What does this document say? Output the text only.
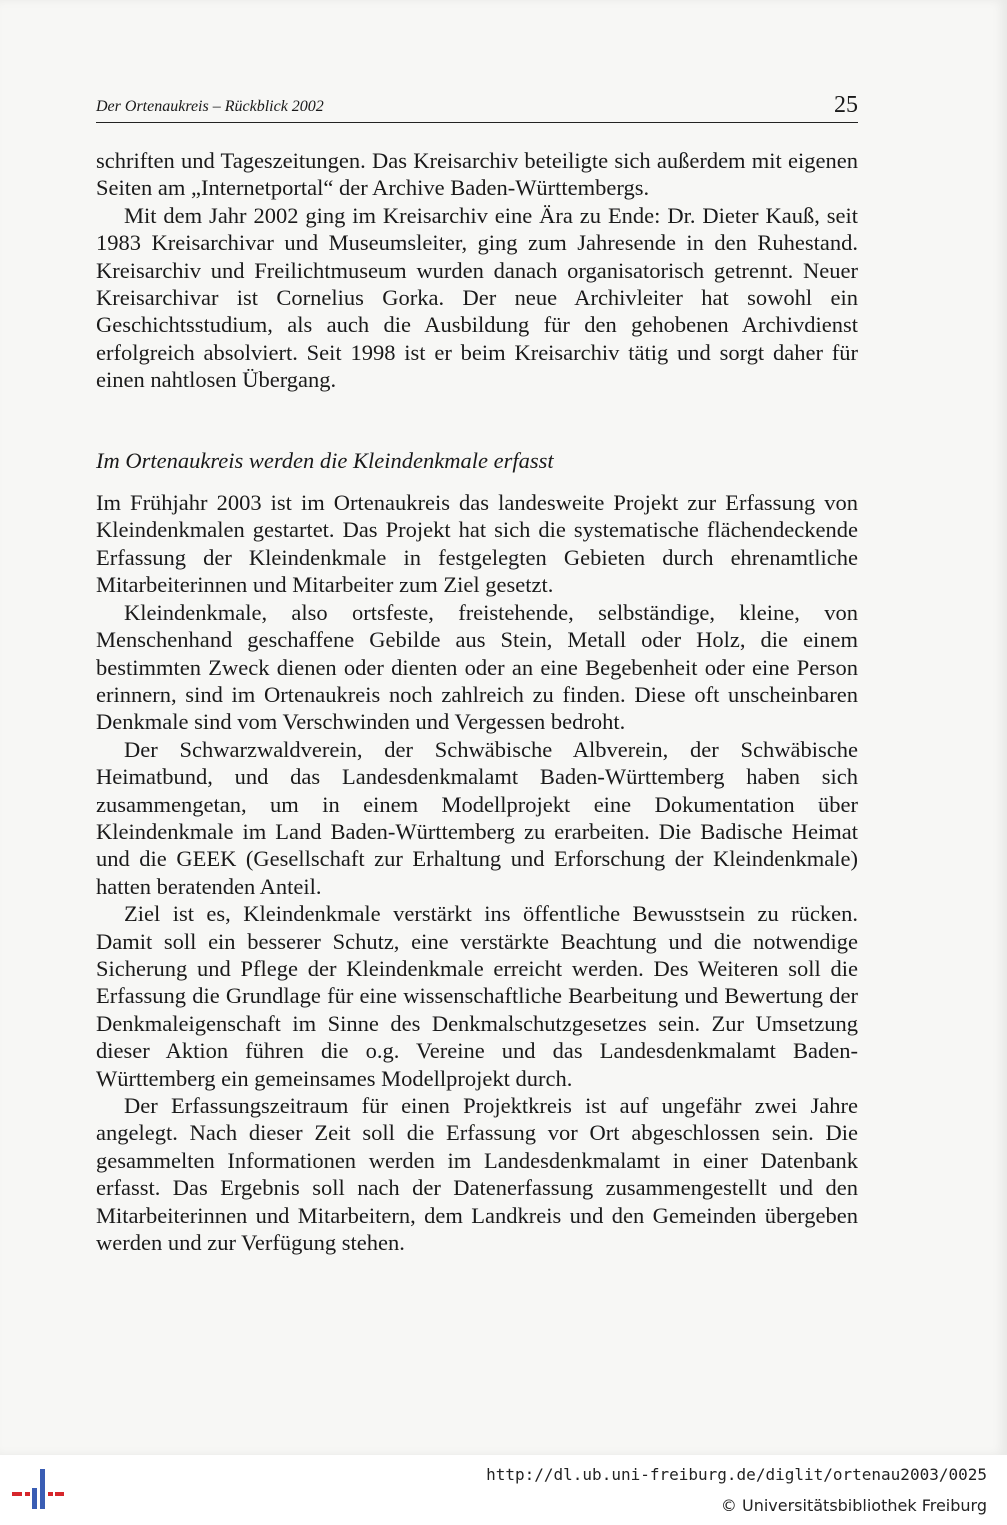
Der Ortenaukreis – Rückblick 2002	25

schriften und Tageszeitungen. Das Kreisarchiv beteiligte sich außerdem mit eigenen Seiten am „Internetportal“ der Archive Baden-Württembergs.

Mit dem Jahr 2002 ging im Kreisarchiv eine Ära zu Ende: Dr. Dieter Kauß, seit 1983 Kreisarchivar und Museumsleiter, ging zum Jahresende in den Ruhestand. Kreisarchiv und Freilichtmuseum wurden danach organisatorisch getrennt. Neuer Kreisarchivar ist Cornelius Gorka. Der neue Archivleiter hat sowohl ein Geschichtsstudium, als auch die Ausbildung für den gehobenen Archivdienst erfolgreich absolviert. Seit 1998 ist er beim Kreisarchiv tätig und sorgt daher für einen nahtlosen Übergang.

Im Ortenaukreis werden die Kleindenkmale erfasst

Im Frühjahr 2003 ist im Ortenaukreis das landesweite Projekt zur Erfassung von Kleindenkmalen gestartet. Das Projekt hat sich die systematische flächendeckende Erfassung der Kleindenkmale in festgelegten Gebieten durch ehrenamtliche Mitarbeiterinnen und Mitarbeiter zum Ziel gesetzt.

Kleindenkmale, also ortsfeste, freistehende, selbständige, kleine, von Menschenhand geschaffene Gebilde aus Stein, Metall oder Holz, die einem bestimmten Zweck dienen oder dienten oder an eine Begebenheit oder eine Person erinnern, sind im Ortenaukreis noch zahlreich zu finden. Diese oft unscheinbaren Denkmale sind vom Verschwinden und Vergessen bedroht.

Der Schwarzwaldverein, der Schwäbische Albverein, der Schwäbische Heimatbund, und das Landesdenkmalamt Baden-Württemberg haben sich zusammengetan, um in einem Modellprojekt eine Dokumentation über Kleindenkmale im Land Baden-Württemberg zu erarbeiten. Die Badische Heimat und die GEEK (Gesellschaft zur Erhaltung und Erforschung der Kleindenkmale) hatten beratenden Anteil.

Ziel ist es, Kleindenkmale verstärkt ins öffentliche Bewusstsein zu rücken. Damit soll ein besserer Schutz, eine verstärkte Beachtung und die notwendige Sicherung und Pflege der Kleindenkmale erreicht werden. Des Weiteren soll die Erfassung die Grundlage für eine wissenschaftliche Bearbeitung und Bewertung der Denkmaleigenschaft im Sinne des Denkmalschutzgesetzes sein. Zur Umsetzung dieser Aktion führen die o.g. Vereine und das Landesdenkmalamt Baden-Württemberg ein gemeinsames Modellprojekt durch.

Der Erfassungszeitraum für einen Projektkreis ist auf ungefähr zwei Jahre angelegt. Nach dieser Zeit soll die Erfassung vor Ort abgeschlossen sein. Die gesammelten Informationen werden im Landesdenkmalamt in einer Datenbank erfasst. Das Ergebnis soll nach der Datenerfassung zusammengestellt und den Mitarbeiterinnen und Mitarbeitern, dem Landkreis und den Gemeinden übergeben werden und zur Verfügung stehen.

http://dl.ub.uni-freiburg.de/diglit/ortenau2003/0025
© Universitätsbibliothek Freiburg
